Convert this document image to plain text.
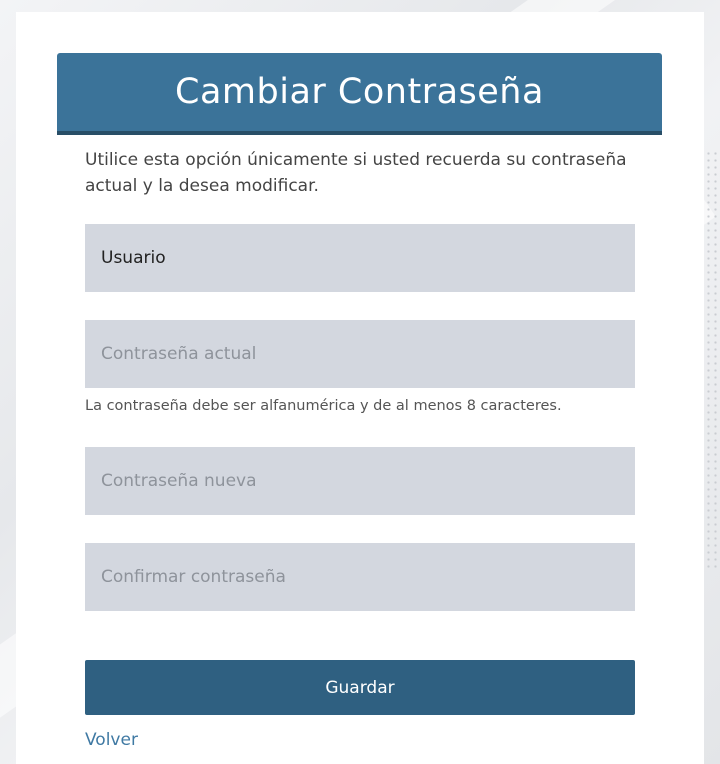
Cambiar Contraseña

Utilice esta opción únicamente si usted recuerda su contraseña actual y la desea modificar.

Usuario

La contraseña debe ser alfanumérica y de al menos 8 caracteres.

Guardar
Volver
